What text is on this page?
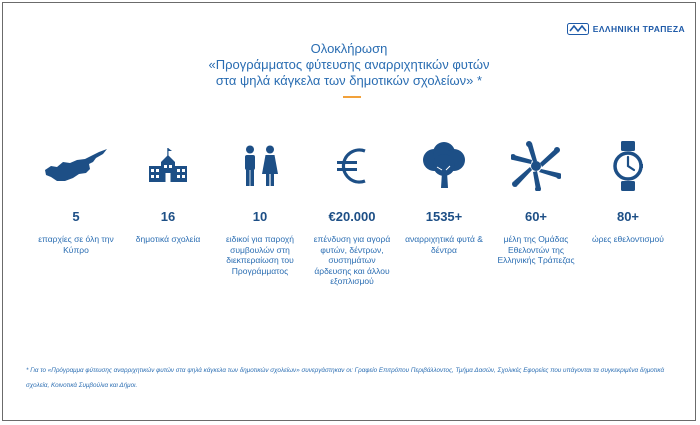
ΕΛΛΗΝΙΚΗ ΤΡΑΠΕΖΑ
Ολοκλήρωση
«Προγράμματος φύτευσης αναρριχητικών φυτών
στα ψηλά κάγκελα των δημοτικών σχολείων» *
5
επαρχίες σε όλη την Κύπρο
16
δημοτικά σχολεία
10
ειδικοί για παροχή συμβουλών στη διεκπεραίωση του Προγράμματος
€20.000
επένδυση για αγορά φυτών, δέντρων, συστημάτων άρδευσης και άλλου εξοπλισμού
1535+
αναρριχητικά φυτά & δέντρα
60+
μέλη της Ομάδας Εθελοντών της Ελληνικής Τράπεζας
80+
ώρες εθελοντισμού
* Για το «Πρόγραμμα φύτευσης αναρριχητικών φυτών στα ψηλά κάγκελα των δημοτικών σχολείων» συνεργάστηκαν οι: Γραφείο Επιτρόπου Περιβάλλοντος, Τμήμα Δασών, Σχολικές Εφορείες που υπάγονται τα συγκεκριμένα δημοτικά σχολεία, Κοινοτικά Συμβούλια και Δήμοι.
